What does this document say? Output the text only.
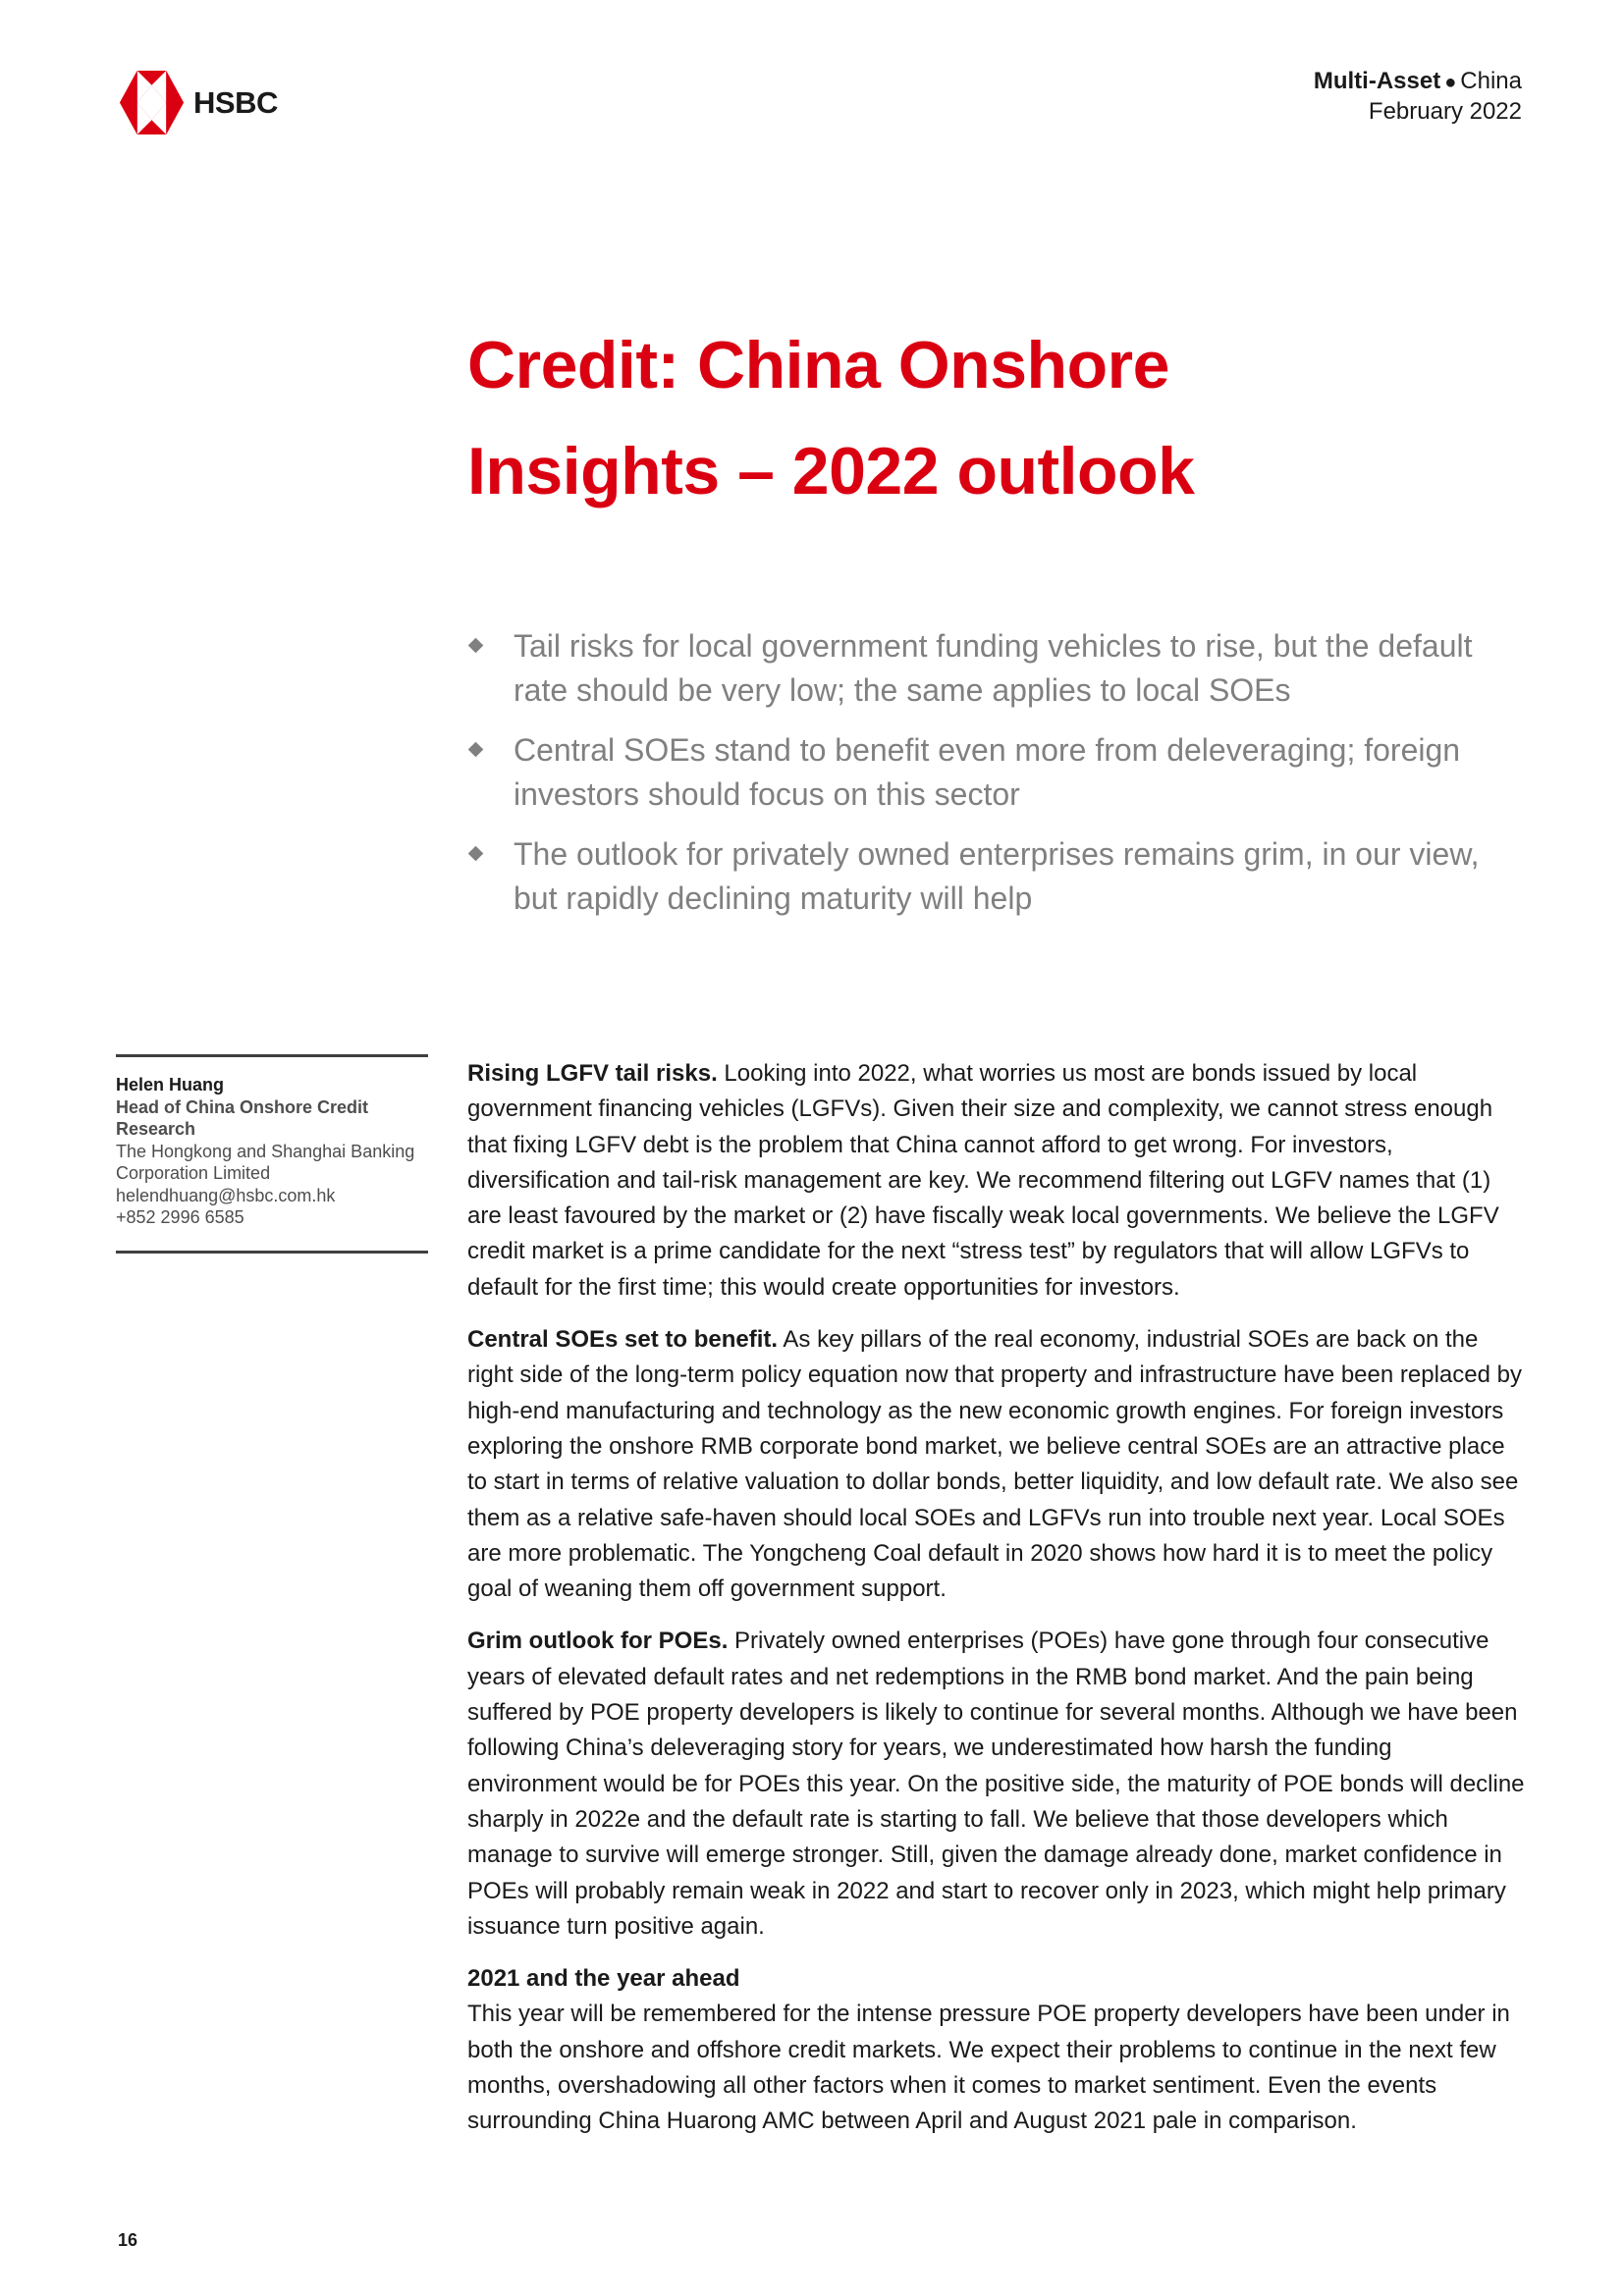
HSBC
Multi-Asset ● China
February 2022
Credit: China Onshore
Insights – 2022 outlook
Tail risks for local government funding vehicles to rise, but the default rate should be very low; the same applies to local SOEs
Central SOEs stand to benefit even more from deleveraging; foreign investors should focus on this sector
The outlook for privately owned enterprises remains grim, in our view, but rapidly declining maturity will help
Helen Huang
Head of China Onshore Credit Research
The Hongkong and Shanghai Banking Corporation Limited
helendhuang@hsbc.com.hk
+852 2996 6585

Rising LGFV tail risks. Looking into 2022, what worries us most are bonds issued by local government financing vehicles (LGFVs). Given their size and complexity, we cannot stress enough that fixing LGFV debt is the problem that China cannot afford to get wrong. For investors, diversification and tail-risk management are key. We recommend filtering out LGFV names that (1) are least favoured by the market or (2) have fiscally weak local governments. We believe the LGFV credit market is a prime candidate for the next “stress test” by regulators that will allow LGFVs to default for the first time; this would create opportunities for investors.

Central SOEs set to benefit. As key pillars of the real economy, industrial SOEs are back on the right side of the long-term policy equation now that property and infrastructure have been replaced by high-end manufacturing and technology as the new economic growth engines. For foreign investors exploring the onshore RMB corporate bond market, we believe central SOEs are an attractive place to start in terms of relative valuation to dollar bonds, better liquidity, and low default rate. We also see them as a relative safe-haven should local SOEs and LGFVs run into trouble next year. Local SOEs are more problematic. The Yongcheng Coal default in 2020 shows how hard it is to meet the policy goal of weaning them off government support.

Grim outlook for POEs. Privately owned enterprises (POEs) have gone through four consecutive years of elevated default rates and net redemptions in the RMB bond market. And the pain being suffered by POE property developers is likely to continue for several months. Although we have been following China’s deleveraging story for years, we underestimated how harsh the funding environment would be for POEs this year. On the positive side, the maturity of POE bonds will decline sharply in 2022e and the default rate is starting to fall. We believe that those developers which manage to survive will emerge stronger. Still, given the damage already done, market confidence in POEs will probably remain weak in 2022 and start to recover only in 2023, which might help primary issuance turn positive again.

2021 and the year ahead

This year will be remembered for the intense pressure POE property developers have been under in both the onshore and offshore credit markets. We expect their problems to continue in the next few months, overshadowing all other factors when it comes to market sentiment. Even the events surrounding China Huarong AMC between April and August 2021 pale in comparison.

16
